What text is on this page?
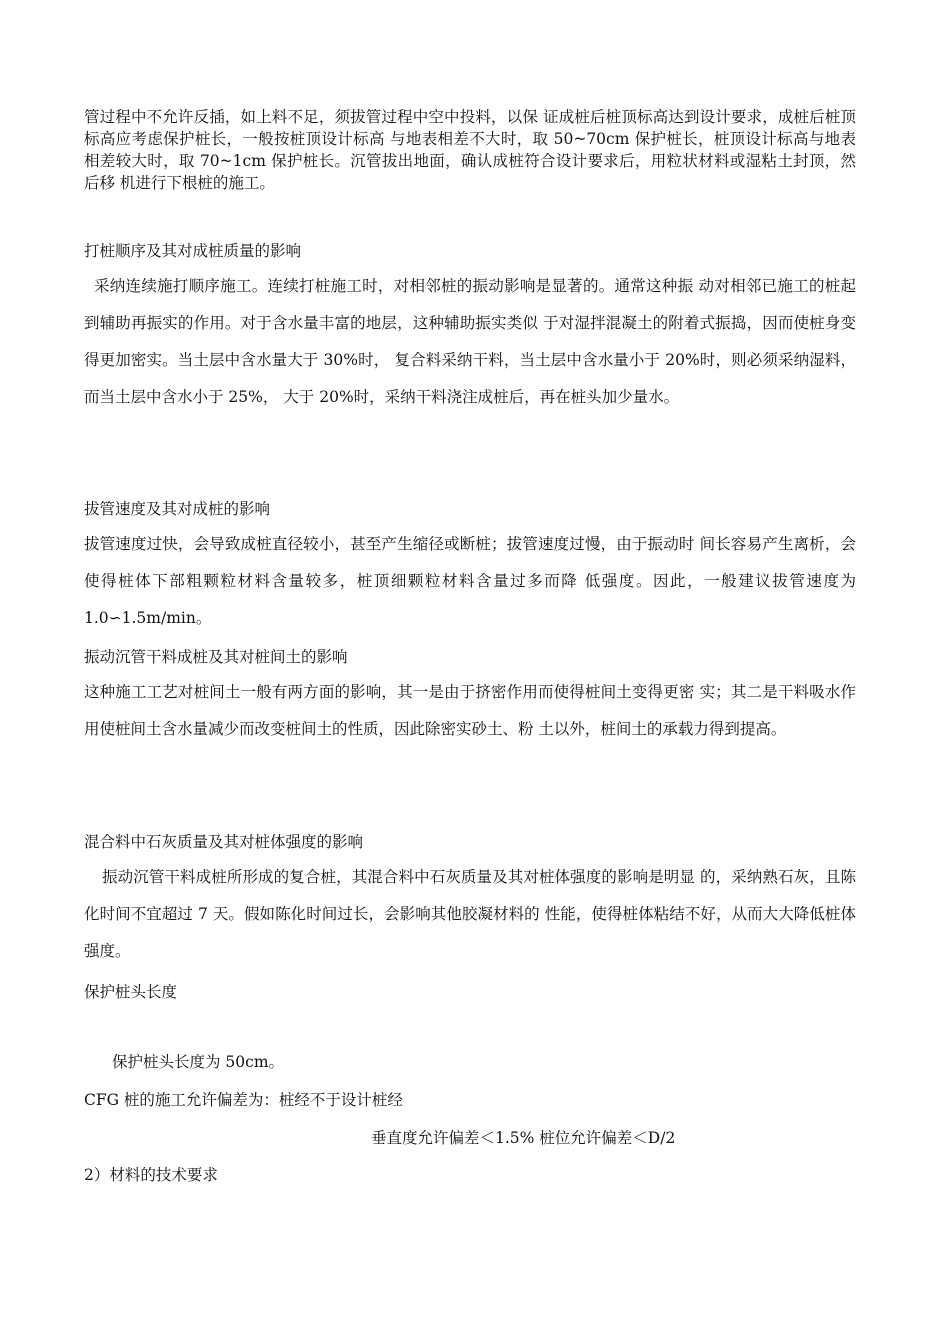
管过程中不允许反插，如上料不足，须拔管过程中空中投料，以保 证成桩后桩顶标高达到设计要求，成桩后桩顶标高应考虑保护桩长，一般按桩顶设计标高 与地表相差不大时，取 50~70cm 保护桩长，桩顶设计标高与地表相差较大时，取 70~1cm 保护桩长。沉管拔出地面，确认成桩符合设计要求后，用粒状材料或湿粘土封顶，然后移 机进行下根桩的施工。

打桩顺序及其对成桩质量的影响

采纳连续施打顺序施工。连续打桩施工时，对相邻桩的振动影响是显著的。通常这种振 动对相邻已施工的桩起到辅助再振实的作用。对于含水量丰富的地层，这种辅助振实类似 于对湿拌混凝土的附着式振捣，因而使桩身变得更加密实。当土层中含水量大于 30%时， 复合料采纳干料，当土层中含水量小于 20%时，则必须采纳湿料，而当土层中含水小于 25%， 大于 20%时，采纳干料浇注成桩后，再在桩头加少量水。

拔管速度及其对成桩的影响

拔管速度过快，会导致成桩直径较小，甚至产生缩径或断桩；拔管速度过慢，由于振动时 间长容易产生离析，会使得桩体下部粗颗粒材料含量较多，桩顶细颗粒材料含量过多而降 低强度。因此，一般建议拔管速度为 1.0∽1.5m/min。

振动沉管干料成桩及其对桩间土的影响

这种施工工艺对桩间土一般有两方面的影响，其一是由于挤密作用而使得桩间土变得更密 实；其二是干料吸水作用使桩间土含水量减少而改变桩间土的性质，因此除密实砂土、粉 土以外，桩间土的承载力得到提高。

混合料中石灰质量及其对桩体强度的影响

振动沉管干料成桩所形成的复合桩，其混合料中石灰质量及其对桩体强度的影响是明显 的，采纳熟石灰，且陈化时间不宜超过 7 天。假如陈化时间过长，会影响其他胶凝材料的 性能，使得桩体粘结不好，从而大大降低桩体强度。

保护桩头长度

保护桩头长度为 50cm。

CFG 桩的施工允许偏差为：桩经不于设计桩经

垂直度允许偏差＜1.5% 桩位允许偏差＜D/2

2）材料的技术要求
